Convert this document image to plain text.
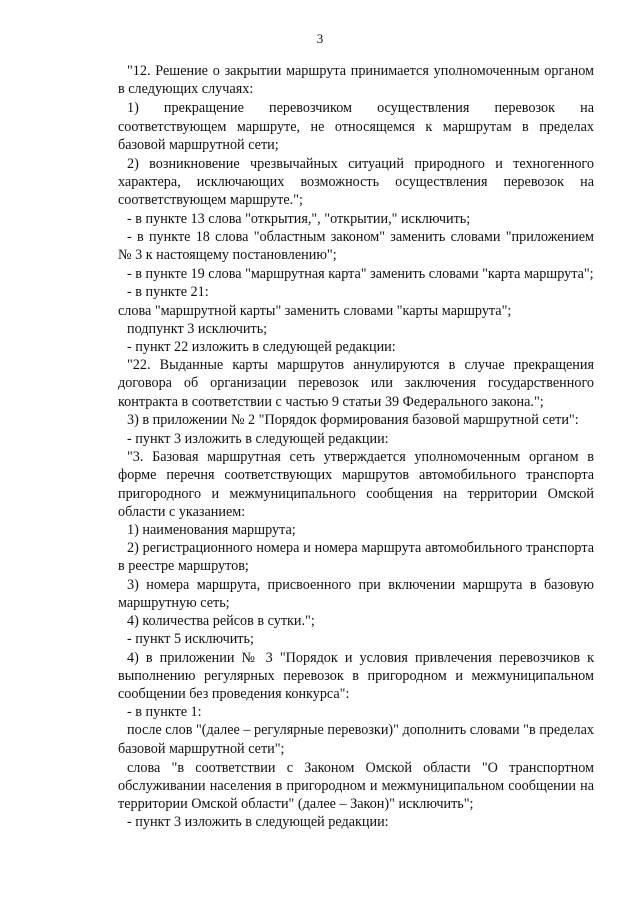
3

"12. Решение о закрытии маршрута принимается уполномоченным органом в следующих случаях:

1) прекращение перевозчиком осуществления перевозок на соответствующем маршруте, не относящемся к маршрутам в пределах базовой маршрутной сети;

2) возникновение чрезвычайных ситуаций природного и техногенного характера, исключающих возможность осуществления перевозок на соответствующем маршруте.";

- в пункте 13 слова "открытия,", "открытии," исключить;

- в пункте 18 слова "областным законом" заменить словами "приложением № 3 к настоящему постановлению";

- в пункте 19 слова "маршрутная карта" заменить словами "карта маршрута";

- в пункте 21:

слова "маршрутной карты" заменить словами "карты маршрута";

подпункт 3 исключить;

- пункт 22 изложить в следующей редакции:

"22. Выданные карты маршрутов аннулируются в случае прекращения договора об организации перевозок или заключения государственного контракта в соответствии с частью 9 статьи 39 Федерального закона.";

3) в приложении № 2 "Порядок формирования базовой маршрутной сети":

- пункт 3 изложить в следующей редакции:

"3. Базовая маршрутная сеть утверждается уполномоченным органом в форме перечня соответствующих маршрутов автомобильного транспорта пригородного и межмуниципального сообщения на территории Омской области с указанием:

1) наименования маршрута;

2) регистрационного номера и номера маршрута автомобильного транспорта в реестре маршрутов;

3) номера маршрута, присвоенного при включении маршрута в базовую маршрутную сеть;

4) количества рейсов в сутки.";

- пункт 5 исключить;

4) в приложении № 3 "Порядок и условия привлечения перевозчиков к выполнению регулярных перевозок в пригородном и межмуниципальном сообщении без проведения конкурса":

- в пункте 1:

после слов "(далее – регулярные перевозки)" дополнить словами "в пределах базовой маршрутной сети";

слова "в соответствии с Законом Омской области "О транспортном обслуживании населения в пригородном и межмуниципальном сообщении на территории Омской области" (далее – Закон)" исключить";

- пункт 3 изложить в следующей редакции:
